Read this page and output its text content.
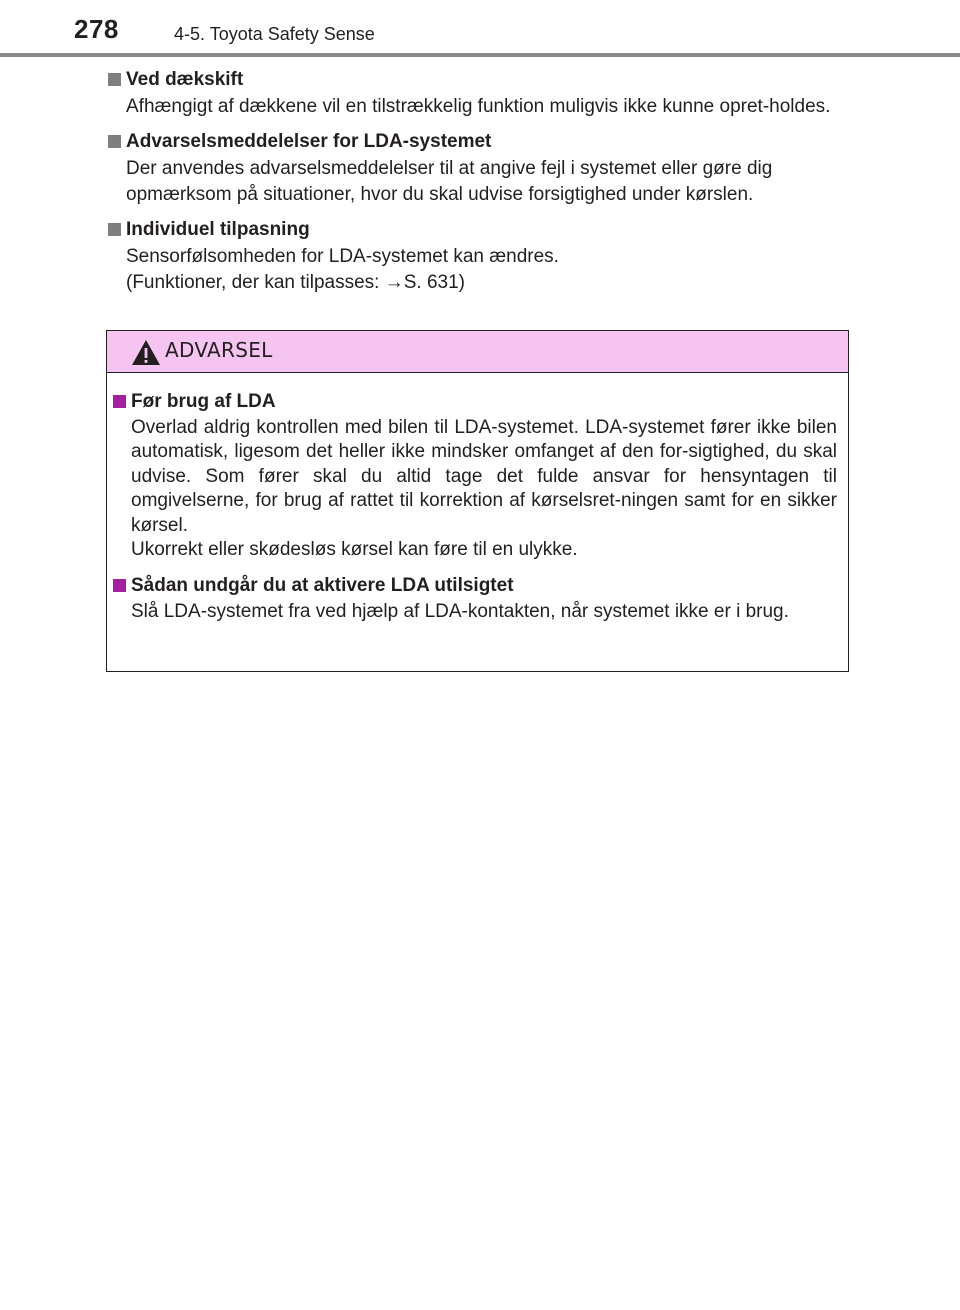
278	4-5. Toyota Safety Sense
Ved dækskift
Afhængigt af dækkene vil en tilstrækkelig funktion muligvis ikke kunne opret-holdes.
Advarselsmeddelelser for LDA-systemet
Der anvendes advarselsmeddelelser til at angive fejl i systemet eller gøre dig opmærksom på situationer, hvor du skal udvise forsigtighed under kørslen.
Individuel tilpasning
Sensorfølsomheden for LDA-systemet kan ændres.
(Funktioner, der kan tilpasses: →S. 631)
ADVARSEL
Før brug af LDA

Overlad aldrig kontrollen med bilen til LDA-systemet. LDA-systemet fører ikke bilen automatisk, ligesom det heller ikke mindsker omfanget af den for-sigtighed, du skal udvise. Som fører skal du altid tage det fulde ansvar for hensyntagen til omgivelserne, for brug af rattet til korrektion af kørselsret-ningen samt for en sikker kørsel.

Ukorrekt eller skødesløs kørsel kan føre til en ulykke.

Sådan undgår du at aktivere LDA utilsigtet

Slå LDA-systemet fra ved hjælp af LDA-kontakten, når systemet ikke er i brug.
